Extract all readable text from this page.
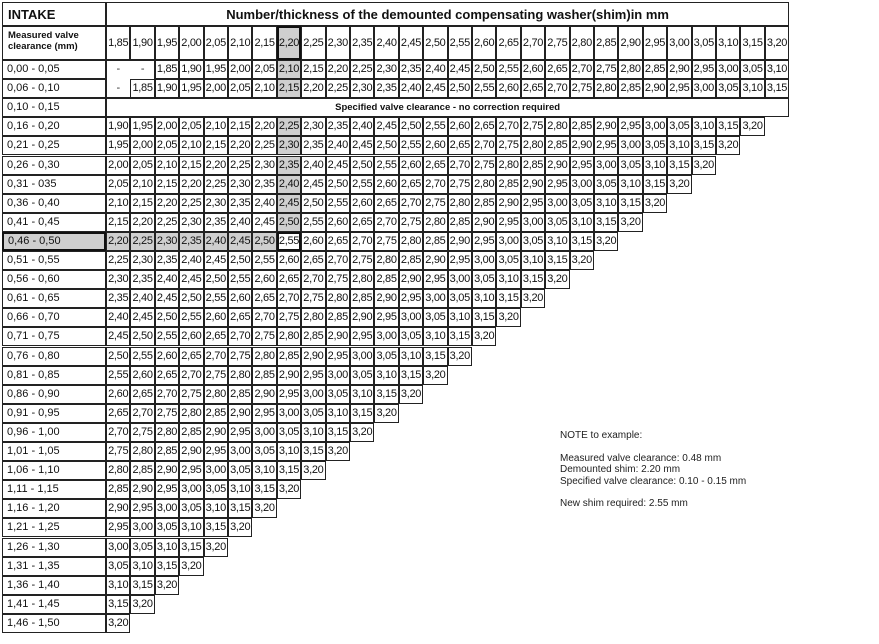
INTAKE	Number/thickness of the demounted compensating washer(shim)in mm
Measured valve clearance (mm)	1,85 1,90 1,95 2,00 2,05 2,10 2,15 2,20 2,25 2,30 2,35 2,40 2,45 2,50 2,55 2,60 2,65 2,70 2,75 2,80 2,85 2,90 2,95 3,00 3,05 3,10 3,15 3,20
0,00 - 0,05	-	-	1,85 1,90 1,95 2,00 2,05 2,10 2,15 2,20 2,25 2,30 2,35 2,40 2,45 2,50 2,55 2,60 2,65 2,70 2,75 2,80 2,85 2,90 2,95 3,00 3,05 3,10
0,06 - 0,10	-	1,85 1,90 1,95 2,00 2,05 2,10 2,15 2,20 2,25 2,30 2,35 2,40 2,45 2,50 2,55 2,60 2,65 2,70 2,75 2,80 2,85 2,90 2,95 3,00 3,05 3,10 3,15
0,10 - 0,15	Specified valve clearance - no correction required
0,16 - 0,20	1,90 1,95 2,00 2,05 2,10 2,15 2,20 2,25 2,30 2,35 2,40 2,45 2,50 2,55 2,60 2,65 2,70 2,75 2,80 2,85 2,90 2,95 3,00 3,05 3,10 3,15 3,20
0,21 - 0,25	1,95 2,00 2,05 2,10 2,15 2,20 2,25 2,30 2,35 2,40 2,45 2,50 2,55 2,60 2,65 2,70 2,75 2,80 2,85 2,90 2,95 3,00 3,05 3,10 3,15 3,20
0,26 - 0,30	2,00 2,05 2,10 2,15 2,20 2,25 2,30 2,35 2,40 2,45 2,50 2,55 2,60 2,65 2,70 2,75 2,80 2,85 2,90 2,95 3,00 3,05 3,10 3,15 3,20
0,31 - 035	2,05 2,10 2,15 2,20 2,25 2,30 2,35 2,40 2,45 2,50 2,55 2,60 2,65 2,70 2,75 2,80 2,85 2,90 2,95 3,00 3,05 3,10 3,15 3,20
0,36 - 0,40	2,10 2,15 2,20 2,25 2,30 2,35 2,40 2,45 2,50 2,55 2,60 2,65 2,70 2,75 2,80 2,85 2,90 2,95 3,00 3,05 3,10 3,15 3,20
0,41 - 0,45	2,15 2,20 2,25 2,30 2,35 2,40 2,45 2,50 2,55 2,60 2,65 2,70 2,75 2,80 2,85 2,90 2,95 3,00 3,05 3,10 3,15 3,20
0,46 - 0,50	2,20 2,25 2,30 2,35 2,40 2,45 2,50 2,55 2,60 2,65 2,70 2,75 2,80 2,85 2,90 2,95 3,00 3,05 3,10 3,15 3,20
0,51 - 0,55	2,25 2,30 2,35 2,40 2,45 2,50 2,55 2,60 2,65 2,70 2,75 2,80 2,85 2,90 2,95 3,00 3,05 3,10 3,15 3,20
0,56 - 0,60	2,30 2,35 2,40 2,45 2,50 2,55 2,60 2,65 2,70 2,75 2,80 2,85 2,90 2,95 3,00 3,05 3,10 3,15 3,20
0,61 - 0,65	2,35 2,40 2,45 2,50 2,55 2,60 2,65 2,70 2,75 2,80 2,85 2,90 2,95 3,00 3,05 3,10 3,15 3,20
0,66 - 0,70	2,40 2,45 2,50 2,55 2,60 2,65 2,70 2,75 2,80 2,85 2,90 2,95 3,00 3,05 3,10 3,15 3,20
0,71 - 0,75	2,45 2,50 2,55 2,60 2,65 2,70 2,75 2,80 2,85 2,90 2,95 3,00 3,05 3,10 3,15 3,20
0,76 - 0,80	2,50 2,55 2,60 2,65 2,70 2,75 2,80 2,85 2,90 2,95 3,00 3,05 3,10 3,15 3,20
0,81 - 0,85	2,55 2,60 2,65 2,70 2,75 2,80 2,85 2,90 2,95 3,00 3,05 3,10 3,15 3,20
0,86 - 0,90	2,60 2,65 2,70 2,75 2,80 2,85 2,90 2,95 3,00 3,05 3,10 3,15 3,20
0,91 - 0,95	2,65 2,70 2,75 2,80 2,85 2,90 2,95 3,00 3,05 3,10 3,15 3,20
0,96 - 1,00	2,70 2,75 2,80 2,85 2,90 2,95 3,00 3,05 3,10 3,15 3,20
1,01 - 1,05	2,75 2,80 2,85 2,90 2,95 3,00 3,05 3,10 3,15 3,20
1,06 - 1,10	2,80 2,85 2,90 2,95 3,00 3,05 3,10 3,15 3,20
1,11 - 1,15	2,85 2,90 2,95 3,00 3,05 3,10 3,15 3,20
1,16 - 1,20	2,90 2,95 3,00 3,05 3,10 3,15 3,20
1,21 - 1,25	2,95 3,00 3,05 3,10 3,15 3,20
1,26 - 1,30	3,00 3,05 3,10 3,15 3,20
1,31 - 1,35	3,05 3,10 3,15 3,20
1,36 - 1,40	3,10 3,15 3,20
1,41 - 1,45	3,15 3,20
1,46 - 1,50	3,20
NOTE to example:
Measured valve clearance: 0.48 mm
Demounted shim: 2.20 mm
Specified valve clearance: 0.10 - 0.15 mm
New shim required: 2.55 mm
